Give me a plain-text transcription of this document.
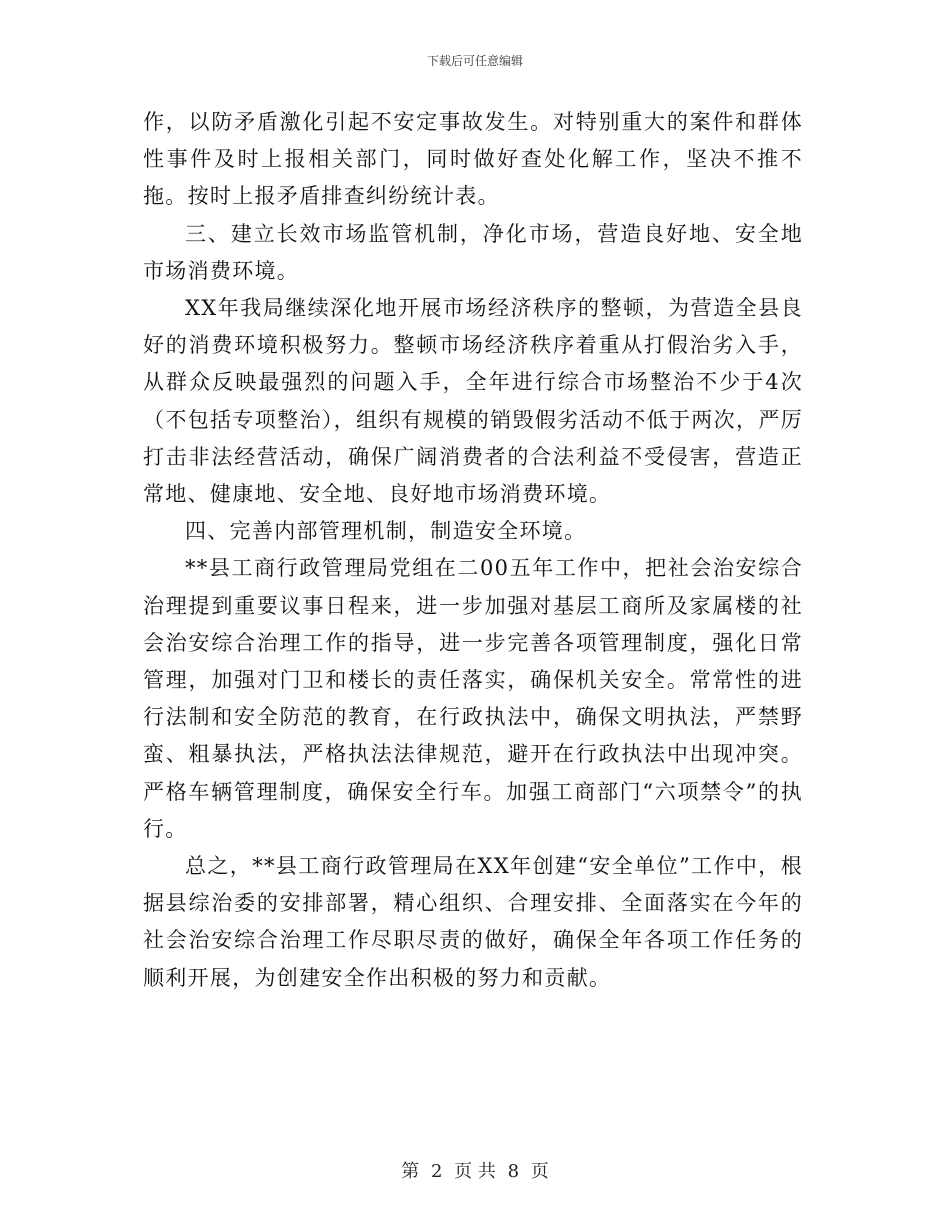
下载后可任意编辑

作，以防矛盾激化引起不安定事故发生。对特别重大的案件和群体性事件及时上报相关部门，同时做好查处化解工作，坚决不推不拖。按时上报矛盾排查纠纷统计表。

三、建立长效市场监管机制，净化市场，营造良好地、安全地市场消费环境。

XX年我局继续深化地开展市场经济秩序的整顿，为营造全县良好的消费环境积极努力。整顿市场经济秩序着重从打假治劣入手，从群众反映最强烈的问题入手，全年进行综合市场整治不少于4次（不包括专项整治），组织有规模的销毁假劣活动不低于两次，严厉打击非法经营活动，确保广阔消费者的合法利益不受侵害，营造正常地、健康地、安全地、良好地市场消费环境。

四、完善内部管理机制，制造安全环境。

**县工商行政管理局党组在二00五年工作中，把社会治安综合治理提到重要议事日程来，进一步加强对基层工商所及家属楼的社会治安综合治理工作的指导，进一步完善各项管理制度，强化日常管理，加强对门卫和楼长的责任落实，确保机关安全。常常性的进行法制和安全防范的教育，在行政执法中，确保文明执法，严禁野蛮、粗暴执法，严格执法法律规范，避开在行政执法中出现冲突。严格车辆管理制度，确保安全行车。加强工商部门“六项禁令”的执行。

总之，**县工商行政管理局在XX年创建“安全单位”工作中，根据县综治委的安排部署，精心组织、合理安排、全面落实在今年的社会治安综合治理工作尽职尽责的做好，确保全年各项工作任务的顺利开展，为创建安全作出积极的努力和贡献。

第 2 页 共 8 页
